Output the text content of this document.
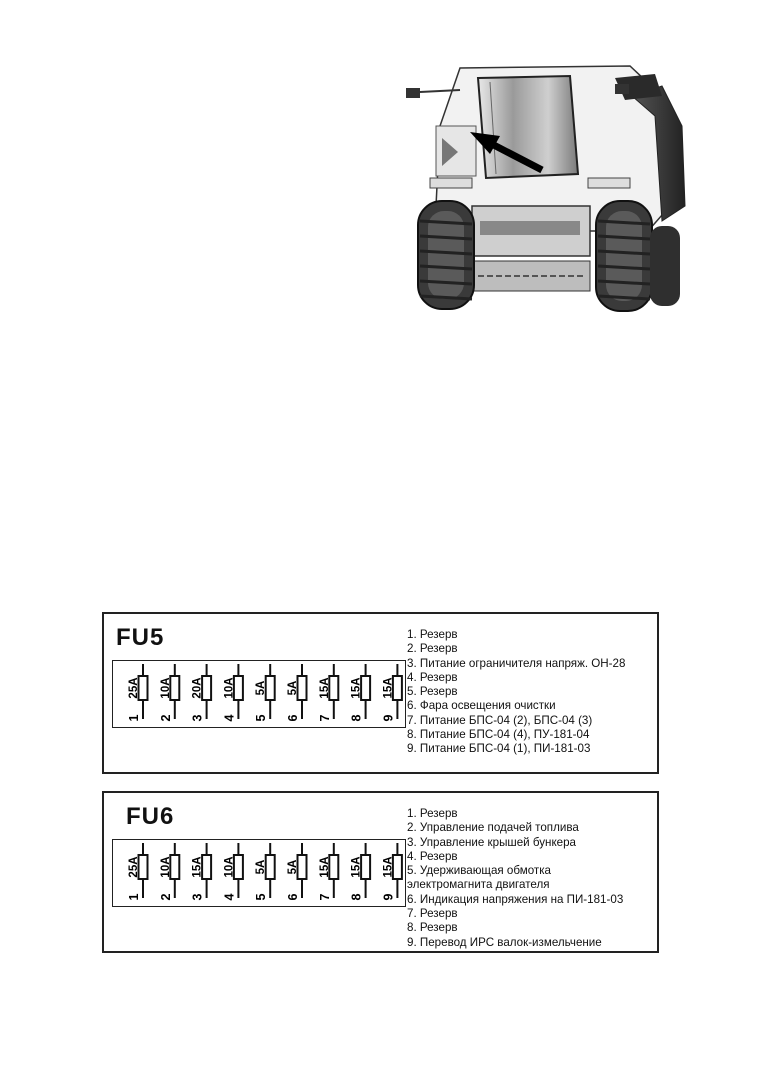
FU5
25A
1
10A
2
20A
3
10A
4
5A
5
5A
6
15A
7
15A
8
15A
9
1. Резерв
2. Резерв
3. Питание ограничителя напряж. ОН-28
4. Резерв
5. Резерв
6. Фара освещения очистки
7. Питание БПС-04 (2), БПС-04 (3)
8. Питание БПС-04 (4), ПУ-181-04
9. Питание БПС-04 (1), ПИ-181-03
FU6
25A
1
10A
2
15A
3
10A
4
5A
5
5A
6
15A
7
15A
8
15A
9
1. Резерв
2. Управление подачей топлива
3. Управление крышей бункера
4. Резерв
5. Удерживающая обмотка
электромагнита двигателя
6. Индикация напряжения на ПИ-181-03
7. Резерв
8. Резерв
9. Перевод ИРС валок-измельчение
